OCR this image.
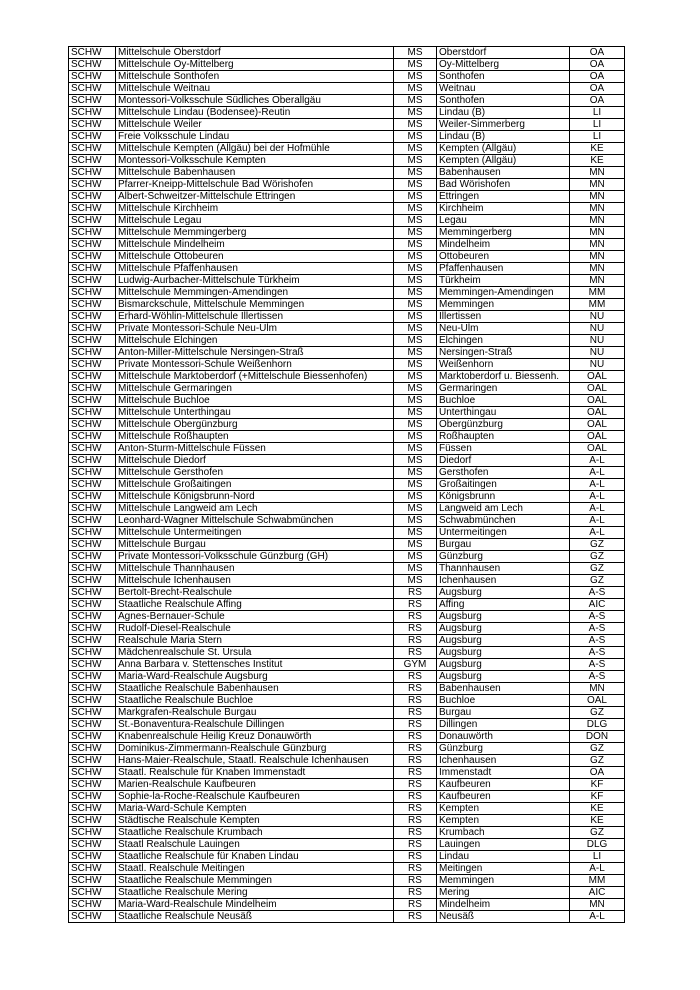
SCHW	Mittelschule Oberstdorf	MS	Oberstdorf	OA
SCHW	Mittelschule Oy-Mittelberg	MS	Oy-Mittelberg	OA
SCHW	Mittelschule Sonthofen	MS	Sonthofen	OA
SCHW	Mittelschule Weitnau	MS	Weitnau	OA
SCHW	Montessori-Volksschule Südliches Oberallgäu	MS	Sonthofen	OA
SCHW	Mittelschule Lindau (Bodensee)-Reutin	MS	Lindau (B)	LI
SCHW	Mittelschule Weiler	MS	Weiler-Simmerberg	LI
SCHW	Freie Volksschule Lindau	MS	Lindau (B)	LI
SCHW	Mittelschule Kempten (Allgäu) bei der Hofmühle	MS	Kempten (Allgäu)	KE
SCHW	Montessori-Volksschule Kempten	MS	Kempten (Allgäu)	KE
SCHW	Mittelschule Babenhausen	MS	Babenhausen	MN
SCHW	Pfarrer-Kneipp-Mittelschule Bad Wörishofen	MS	Bad Wörishofen	MN
SCHW	Albert-Schweitzer-Mittelschule Ettringen	MS	Ettringen	MN
SCHW	Mittelschule Kirchheim	MS	Kirchheim	MN
SCHW	Mittelschule Legau	MS	Legau	MN
SCHW	Mittelschule Memmingerberg	MS	Memmingerberg	MN
SCHW	Mittelschule Mindelheim	MS	Mindelheim	MN
SCHW	Mittelschule Ottobeuren	MS	Ottobeuren	MN
SCHW	Mittelschule Pfaffenhausen	MS	Pfaffenhausen	MN
SCHW	Ludwig-Aurbacher-Mittelschule Türkheim	MS	Türkheim	MN
SCHW	Mittelschule Memmingen-Amendingen	MS	Memmingen-Amendingen	MM
SCHW	Bismarckschule, Mittelschule Memmingen	MS	Memmingen	MM
SCHW	Erhard-Wöhlin-Mittelschule Illertissen	MS	Illertissen	NU
SCHW	Private Montessori-Schule Neu-Ulm	MS	Neu-Ulm	NU
SCHW	Mittelschule Elchingen	MS	Elchingen	NU
SCHW	Anton-Miller-Mittelschule Nersingen-Straß	MS	Nersingen-Straß	NU
SCHW	Private Montessori-Schule Weißenhorn	MS	Weißenhorn	NU
SCHW	Mittelschule Marktoberdorf (+Mittelschule Biessenhofen)	MS	Marktoberdorf u. Biessenh.	OAL
SCHW	Mittelschule Germaringen	MS	Germaringen	OAL
SCHW	Mittelschule Buchloe	MS	Buchloe	OAL
SCHW	Mittelschule Unterthingau	MS	Unterthingau	OAL
SCHW	Mittelschule Obergünzburg	MS	Obergünzburg	OAL
SCHW	Mittelschule Roßhaupten	MS	Roßhaupten	OAL
SCHW	Anton-Sturm-Mittelschule Füssen	MS	Füssen	OAL
SCHW	Mittelschule Diedorf	MS	Diedorf	A-L
SCHW	Mittelschule Gersthofen	MS	Gersthofen	A-L
SCHW	Mittelschule Großaitingen	MS	Großaitingen	A-L
SCHW	Mittelschule Königsbrunn-Nord	MS	Königsbrunn	A-L
SCHW	Mittelschule Langweid am Lech	MS	Langweid am Lech	A-L
SCHW	Leonhard-Wagner Mittelschule Schwabmünchen	MS	Schwabmünchen	A-L
SCHW	Mittelschule Untermeitingen	MS	Untermeitingen	A-L
SCHW	Mittelschule Burgau	MS	Burgau	GZ
SCHW	Private Montessori-Volksschule Günzburg (GH)	MS	Günzburg	GZ
SCHW	Mittelschule Thannhausen	MS	Thannhausen	GZ
SCHW	Mittelschule Ichenhausen	MS	Ichenhausen	GZ
SCHW	Bertolt-Brecht-Realschule	RS	Augsburg	A-S
SCHW	Staatliche Realschule Affing	RS	Affing	AIC
SCHW	Agnes-Bernauer-Schule	RS	Augsburg	A-S
SCHW	Rudolf-Diesel-Realschule	RS	Augsburg	A-S
SCHW	Realschule Maria Stern	RS	Augsburg	A-S
SCHW	Mädchenrealschule St. Ursula	RS	Augsburg	A-S
SCHW	Anna Barbara v. Stettensches Institut	GYM	Augsburg	A-S
SCHW	Maria-Ward-Realschule Augsburg	RS	Augsburg	A-S
SCHW	Staatliche Realschule Babenhausen	RS	Babenhausen	MN
SCHW	Staatliche Realschule Buchloe	RS	Buchloe	OAL
SCHW	Markgrafen-Realschule Burgau	RS	Burgau	GZ
SCHW	St.-Bonaventura-Realschule Dillingen	RS	Dillingen	DLG
SCHW	Knabenrealschule Heilig Kreuz Donauwörth	RS	Donauwörth	DON
SCHW	Dominikus-Zimmermann-Realschule Günzburg	RS	Günzburg	GZ
SCHW	Hans-Maier-Realschule, Staatl. Realschule Ichenhausen	RS	Ichenhausen	GZ
SCHW	Staatl. Realschule für Knaben Immenstadt	RS	Immenstadt	OA
SCHW	Marien-Realschule Kaufbeuren	RS	Kaufbeuren	KF
SCHW	Sophie-la-Roche-Realschule Kaufbeuren	RS	Kaufbeuren	KF
SCHW	Maria-Ward-Schule Kempten	RS	Kempten	KE
SCHW	Städtische Realschule Kempten	RS	Kempten	KE
SCHW	Staatliche Realschule Krumbach	RS	Krumbach	GZ
SCHW	Staatl Realschule Lauingen	RS	Lauingen	DLG
SCHW	Staatliche Realschule für Knaben Lindau	RS	Lindau	LI
SCHW	Staatl. Realschule Meitingen	RS	Meitingen	A-L
SCHW	Staatliche Realschule Memmingen	RS	Memmingen	MM
SCHW	Staatliche Realschule Mering	RS	Mering	AIC
SCHW	Maria-Ward-Realschule Mindelheim	RS	Mindelheim	MN
SCHW	Staatliche Realschule Neusäß	RS	Neusäß	A-L
